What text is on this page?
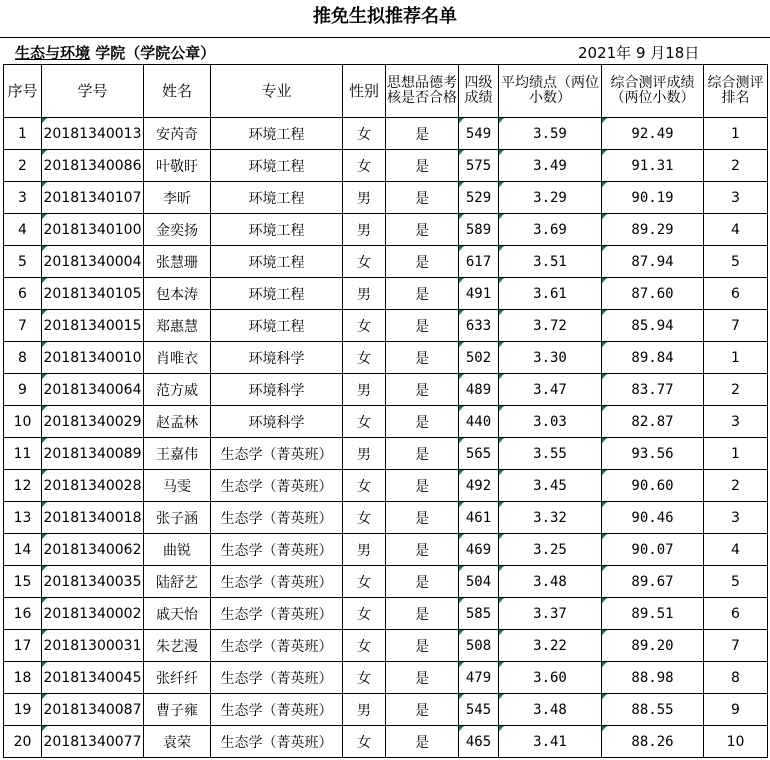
推免生拟推荐名单
生态与环境 学院（学院公章）	2021年 9 月18日
序号	学号	姓名	专业	性别	思想品德考核是否合格	四级成绩	平均绩点（两位小数）	综合测评成绩（两位小数）	综合测评排名
1	20181340013	安芮奇	环境工程	女	是	549	3.59	92.49	1
2	20181340086	叶敬盱	环境工程	女	是	575	3.49	91.31	2
3	20181340107	李昕	环境工程	男	是	529	3.29	90.19	3
4	20181340100	金奕扬	环境工程	男	是	589	3.69	89.29	4
5	20181340004	张慧珊	环境工程	女	是	617	3.51	87.94	5
6	20181340105	包本涛	环境工程	男	是	491	3.61	87.60	6
7	20181340015	郑惠慧	环境工程	女	是	633	3.72	85.94	7
8	20181340010	肖唯衣	环境科学	女	是	502	3.30	89.84	1
9	20181340064	范方威	环境科学	男	是	489	3.47	83.77	2
10	20181340029	赵孟林	环境科学	女	是	440	3.03	82.87	3
11	20181340089	王嘉伟	生态学（菁英班）	男	是	565	3.55	93.56	1
12	20181340028	马雯	生态学（菁英班）	女	是	492	3.45	90.60	2
13	20181340018	张子涵	生态学（菁英班）	女	是	461	3.32	90.46	3
14	20181340062	曲锐	生态学（菁英班）	男	是	469	3.25	90.07	4
15	20181340035	陆舒艺	生态学（菁英班）	女	是	504	3.48	89.67	5
16	20181340002	戚天怡	生态学（菁英班）	女	是	585	3.37	89.51	6
17	20181300031	朱艺漫	生态学（菁英班）	女	是	508	3.22	89.20	7
18	20181340045	张纤纤	生态学（菁英班）	女	是	479	3.60	88.98	8
19	20181340087	曹子雍	生态学（菁英班）	男	是	545	3.48	88.55	9
20	20181340077	袁荣	生态学（菁英班）	女	是	465	3.41	88.26	10
